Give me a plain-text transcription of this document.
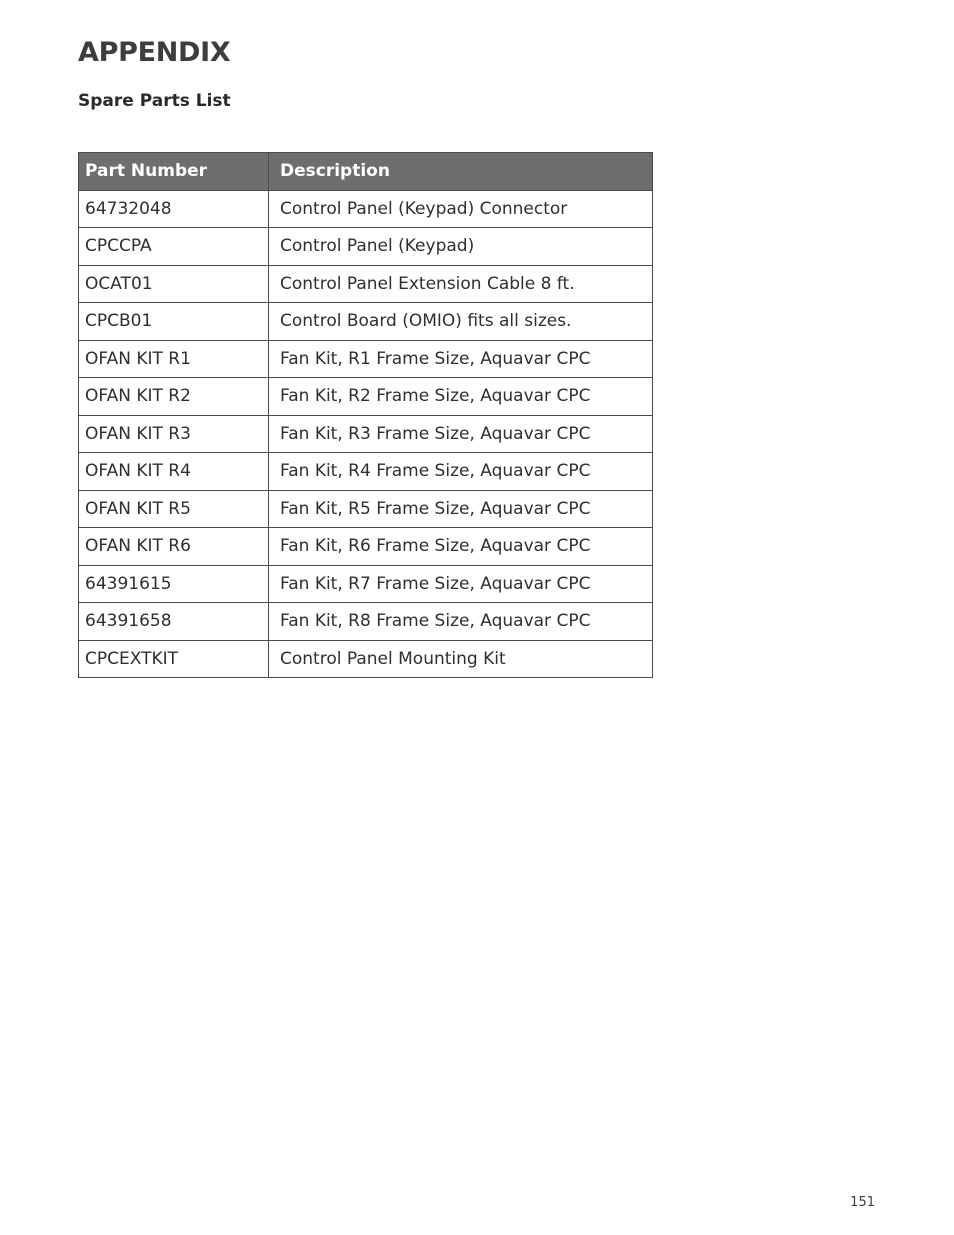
APPENDIX
Spare Parts List
Part Number	Description
64732048	Control Panel (Keypad) Connector
CPCCPA	Control Panel (Keypad)
OCAT01	Control Panel Extension Cable 8 ft.
CPCB01	Control Board (OMIO) fits all sizes.
OFAN KIT R1	Fan Kit, R1 Frame Size, Aquavar CPC
OFAN KIT R2	Fan Kit, R2 Frame Size, Aquavar CPC
OFAN KIT R3	Fan Kit, R3 Frame Size, Aquavar CPC
OFAN KIT R4	Fan Kit, R4 Frame Size, Aquavar CPC
OFAN KIT R5	Fan Kit, R5 Frame Size, Aquavar CPC
OFAN KIT R6	Fan Kit, R6 Frame Size, Aquavar CPC
64391615	Fan Kit, R7 Frame Size, Aquavar CPC
64391658	Fan Kit, R8 Frame Size, Aquavar CPC
CPCEXTKIT	Control Panel Mounting Kit
151
